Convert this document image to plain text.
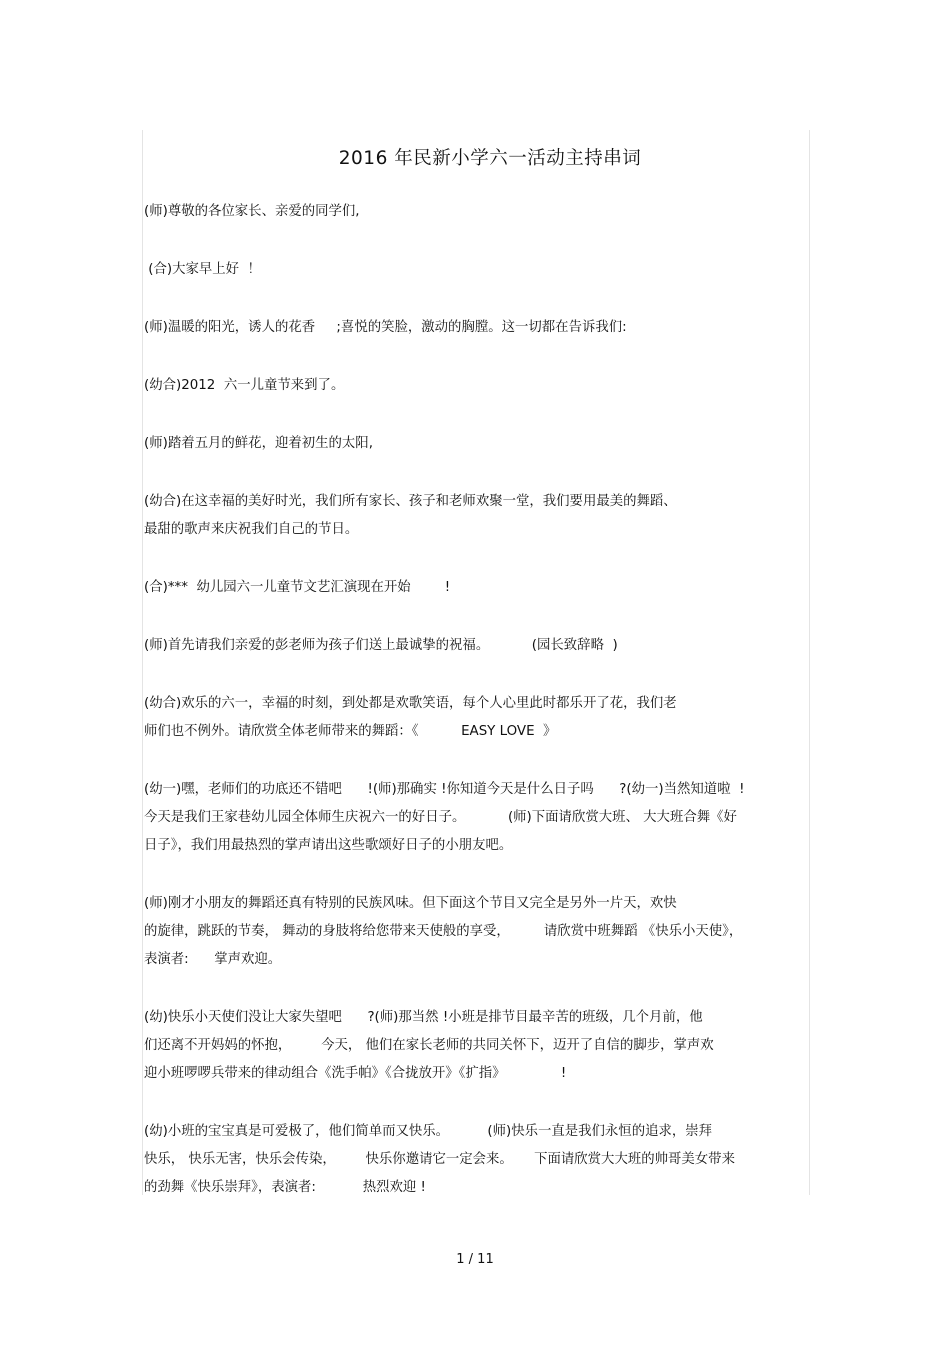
2016 年民新小学六一活动主持串词
(师)尊敬的各位家长、亲爱的同学们,
(合)大家早上好  ！
(师)温暖的阳光，诱人的花香     ;喜悦的笑脸，激动的胸膛。这一切都在告诉我们:
(幼合)2012  六一儿童节来到了。
(师)踏着五月的鲜花，迎着初生的太阳,
(幼合)在这幸福的美好时光，我们所有家长、孩子和老师欢聚一堂，我们要用最美的舞蹈、
最甜的歌声来庆祝我们自己的节日。
(合)***  幼儿园六一儿童节文艺汇演现在开始        !
(师)首先请我们亲爱的彭老师为孩子们送上最诚挚的祝福。          (园长致辞略  )
(幼合)欢乐的六一，幸福的时刻，到处都是欢歌笑语，每个人心里此时都乐开了花，我们老
师们也不例外。请欣赏全体老师带来的舞蹈：《          EASY LOVE  》
(幼一)嘿，老师们的功底还不错吧      !(师)那确实 !你知道今天是什么日子吗      ?(幼一)当然知道啦  !
今天是我们王家巷幼儿园全体师生庆祝六一的好日子。          (师)下面请欣赏大班、 大大班合舞《好
日子》，我们用最热烈的掌声请出这些歌颂好日子的小朋友吧。
(师)刚才小朋友的舞蹈还真有特别的民族风味。但下面这个节目又完全是另外一片天，欢快
的旋律，跳跃的节奏， 舞动的身肢将给您带来天使般的享受，        请欣赏中班舞蹈 《快乐小天使》，
表演者:      掌声欢迎。
(幼)快乐小天使们没让大家失望吧      ?(师)那当然 !小班是排节目最辛苦的班级，几个月前，他
们还离不开妈妈的怀抱，       今天， 他们在家长老师的共同关怀下，迈开了自信的脚步，掌声欢
迎小班啰啰兵带来的律动组合《洗手帕》《合拢放开》《扩指》             !
(幼)小班的宝宝真是可爱极了，他们简单而又快乐。         (师)快乐一直是我们永恒的追求，崇拜
快乐， 快乐无害，快乐会传染，       快乐你邀请它一定会来。     下面请欣赏大大班的帅哥美女带来
的劲舞《快乐崇拜》，表演者:           热烈欢迎 !
1 / 11
